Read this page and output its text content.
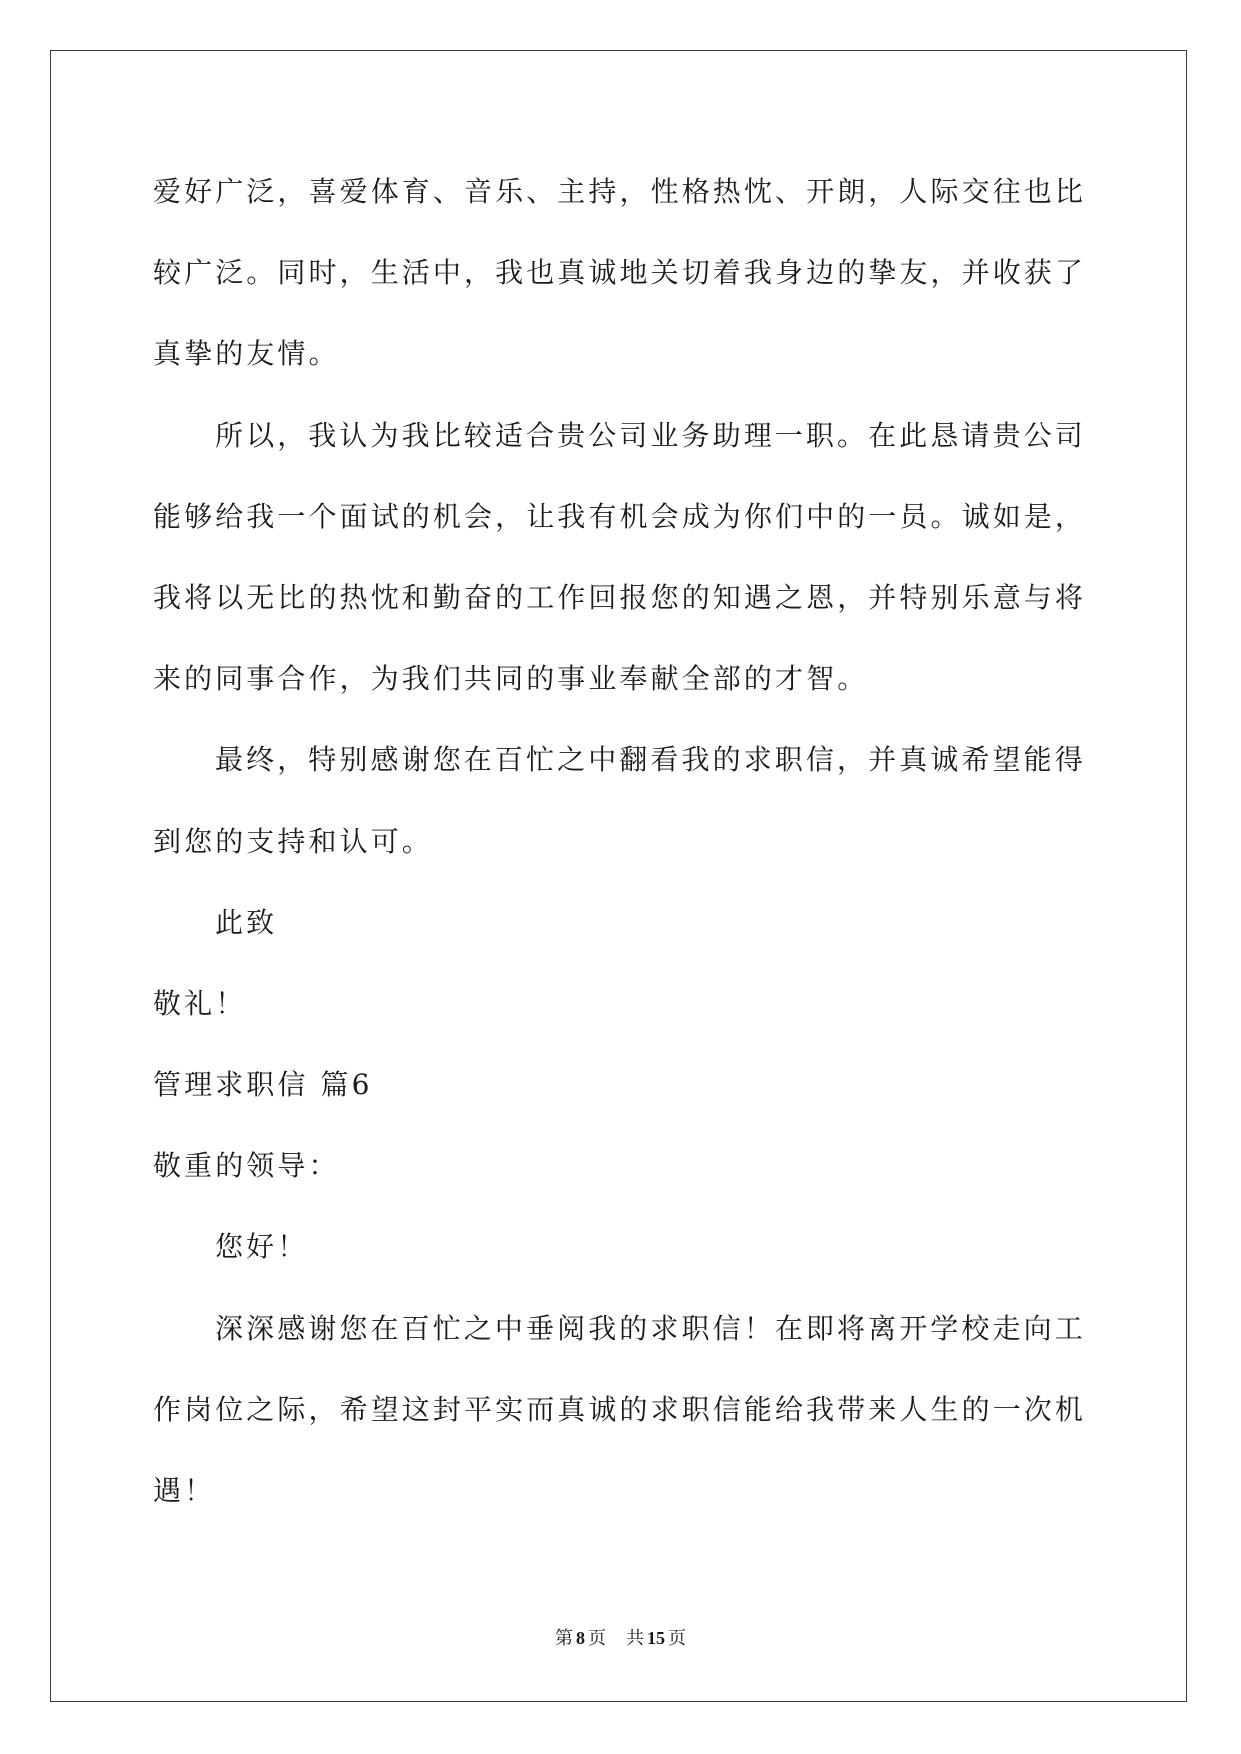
爱好广泛，喜爱体育、音乐、主持，性格热忱、开朗，人际交往也比
较广泛。同时，生活中，我也真诚地关切着我身边的挚友，并收获了
真挚的友情。
所以，我认为我比较适合贵公司业务助理一职。在此恳请贵公司
能够给我一个面试的机会，让我有机会成为你们中的一员。诚如是，
我将以无比的热忱和勤奋的工作回报您的知遇之恩，并特别乐意与将
来的同事合作，为我们共同的事业奉献全部的才智。
最终，特别感谢您在百忙之中翻看我的求职信，并真诚希望能得
到您的支持和认可。
此致
敬礼！
管理求职信 篇6
敬重的领导：
您好！
深深感谢您在百忙之中垂阅我的求职信！在即将离开学校走向工
作岗位之际，希望这封平实而真诚的求职信能给我带来人生的一次机
遇！
第 8 页 共 15 页
